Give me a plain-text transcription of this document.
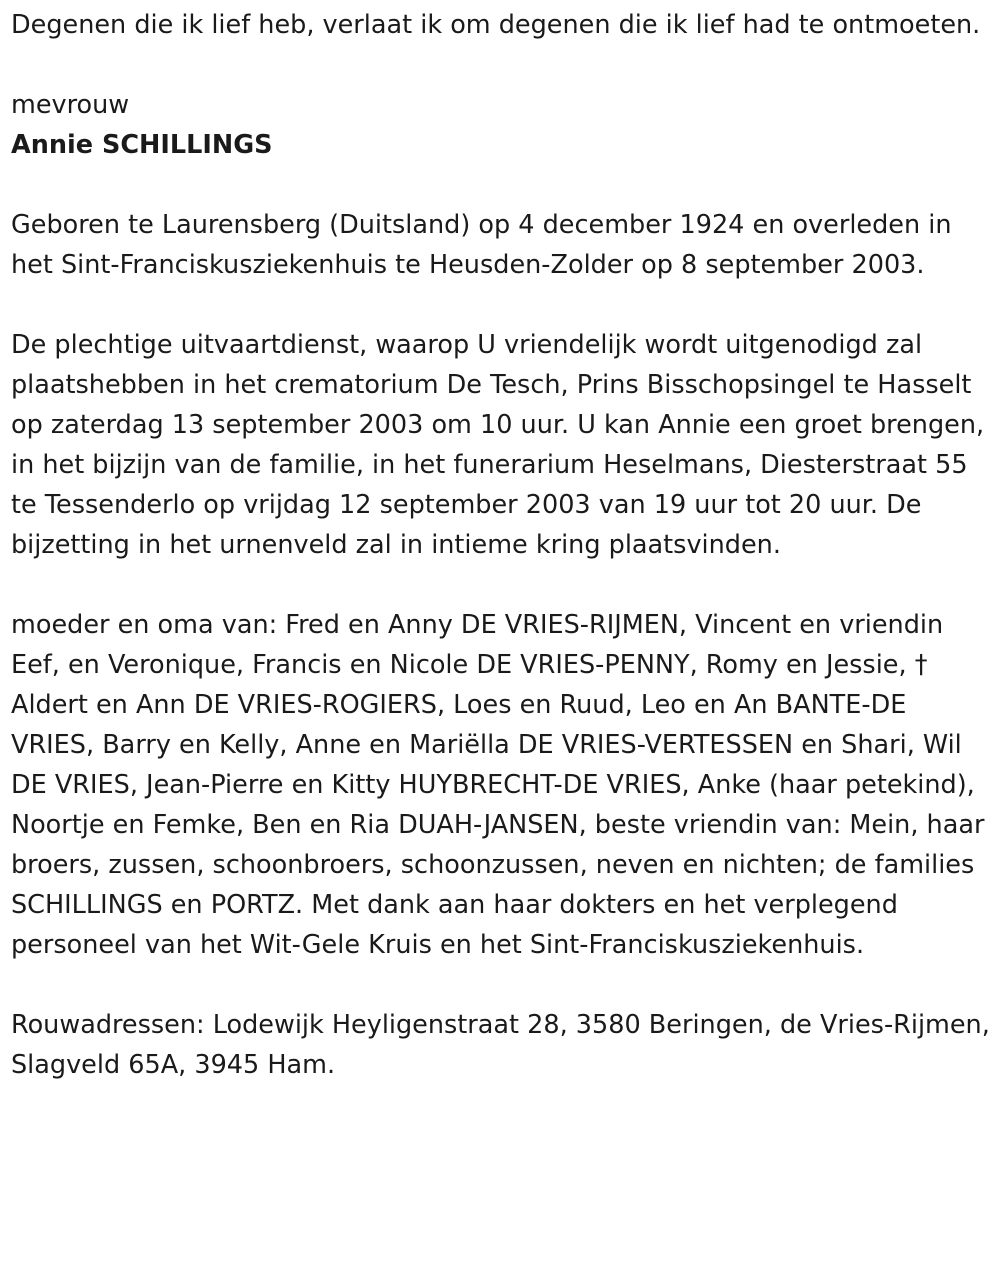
Degenen die ik lief heb, verlaat ik om degenen die ik lief had te ontmoeten.

mevrouw
Annie SCHILLINGS

Geboren te Laurensberg (Duitsland) op 4 december 1924 en overleden in het Sint-Franciskusziekenhuis te Heusden-Zolder op 8 september 2003.

De plechtige uitvaartdienst, waarop U vriendelijk wordt uitgenodigd zal plaatshebben in het crematorium De Tesch, Prins Bisschopsingel te Hasselt op zaterdag 13 september 2003 om 10 uur. U kan Annie een groet brengen, in het bijzijn van de familie, in het funerarium Heselmans, Diesterstraat 55 te Tessenderlo op vrijdag 12 september 2003 van 19 uur tot 20 uur. De bijzetting in het urnenveld zal in intieme kring plaatsvinden.

moeder en oma van: Fred en Anny DE VRIES-RIJMEN, Vincent en vriendin Eef, en Veronique, Francis en Nicole DE VRIES-PENNY, Romy en Jessie, † Aldert en Ann DE VRIES-ROGIERS, Loes en Ruud, Leo en An BANTE-DE VRIES, Barry en Kelly, Anne en Mariëlla DE VRIES-VERTESSEN en Shari, Wil DE VRIES, Jean-Pierre en Kitty HUYBRECHT-DE VRIES, Anke (haar petekind), Noortje en Femke, Ben en Ria DUAH-JANSEN, beste vriendin van: Mein, haar broers, zussen, schoonbroers, schoonzussen, neven en nichten; de families SCHILLINGS en PORTZ. Met dank aan haar dokters en het verplegend personeel van het Wit-Gele Kruis en het Sint-Franciskusziekenhuis.

Rouwadressen: Lodewijk Heyligenstraat 28, 3580 Beringen, de Vries-Rijmen, Slagveld 65A, 3945 Ham.
